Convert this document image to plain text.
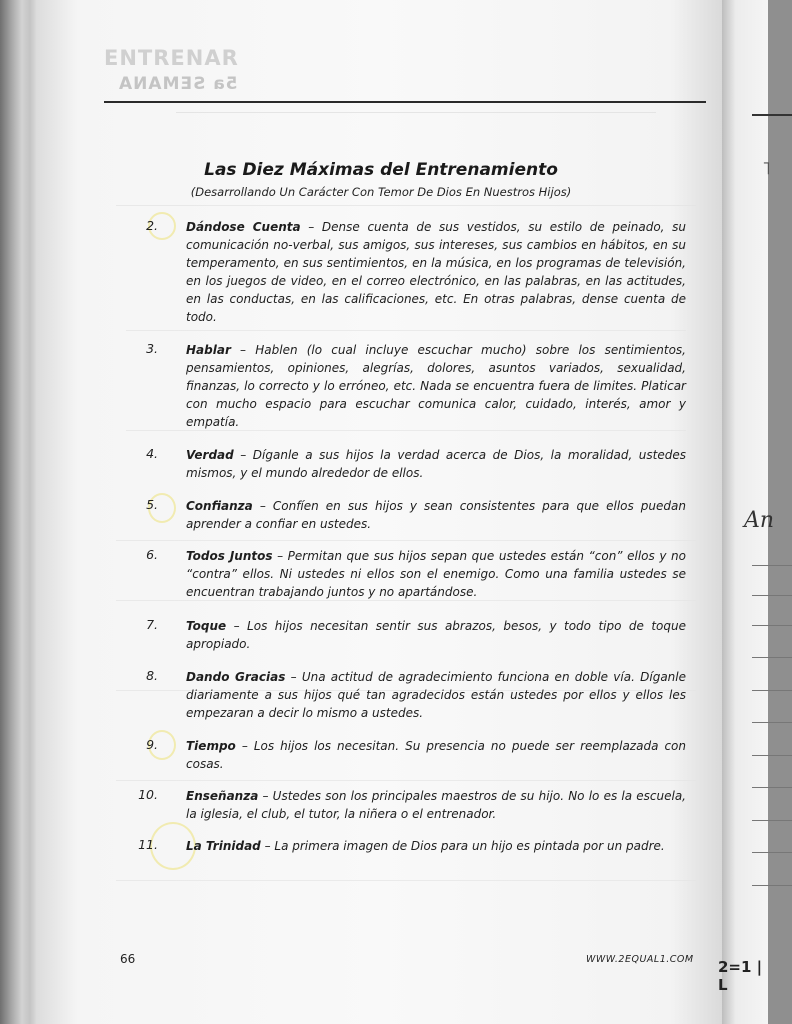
ENTRENAR
5a SEMANA
Las Diez Máximas del Entrenamiento
(Desarrollando Un Carácter Con Temor De Dios En Nuestros Hijos)
2. Dándose Cuenta – Dense cuenta de sus vestidos, su estilo de peinado, su comunicación no-verbal, sus amigos, sus intereses, sus cambios en hábitos, en su temperamento, en sus sentimientos, en la música, en los programas de televisión, en los juegos de video, en el correo electrónico, en las palabras, en las actitudes, en las conductas, en las calificaciones, etc. En otras palabras, dense cuenta de todo.
3. Hablar – Hablen (lo cual incluye escuchar mucho) sobre los sentimientos, pensamientos, opiniones, alegrías, dolores, asuntos variados, sexualidad, finanzas, lo correcto y lo erróneo, etc. Nada se encuentra fuera de limites. Platicar con mucho espacio para escuchar comunica calor, cuidado, interés, amor y empatía.
4. Verdad – Díganle a sus hijos la verdad acerca de Dios, la moralidad, ustedes mismos, y el mundo alrededor de ellos.
5. Confianza – Confíen en sus hijos y sean consistentes para que ellos puedan aprender a confiar en ustedes.
6. Todos Juntos – Permitan que sus hijos sepan que ustedes están “con” ellos y no “contra” ellos. Ni ustedes ni ellos son el enemigo. Como una familia ustedes se encuentran trabajando juntos y no apartándose.
7. Toque – Los hijos necesitan sentir sus abrazos, besos, y todo tipo de toque apropiado.
8. Dando Gracias – Una actitud de agradecimiento funciona en doble vía. Díganle diariamente a sus hijos qué tan agradecidos están ustedes por ellos y ellos les empezaran a decir lo mismo a ustedes.
9. Tiempo – Los hijos los necesitan. Su presencia no puede ser reemplazada con cosas.
10. Enseñanza – Ustedes son los principales maestros de su hijo. No lo es la escuela, la iglesia, el club, el tutor, la niñera o el entrenador.
11. La Trinidad – La primera imagen de Dios para un hijo es pintada por un padre.
66	WWW.2EQUAL1.COM
˥
An
2=1 | L
